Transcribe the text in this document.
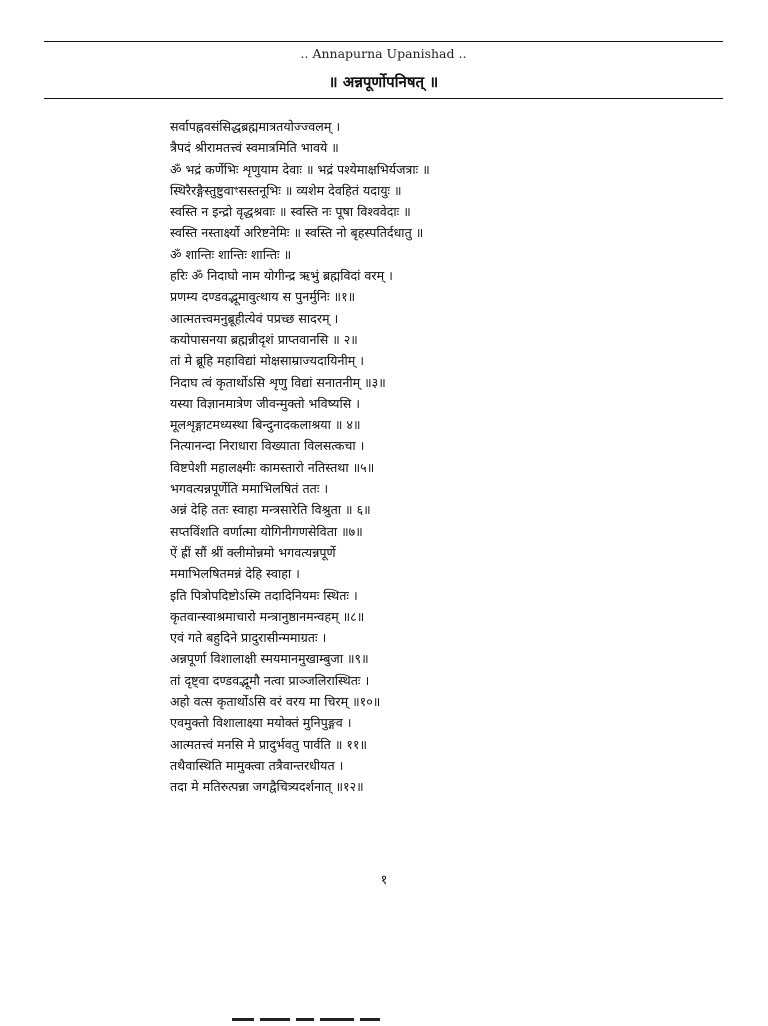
.. Annapurna Upanishad ..
॥ अन्नपूर्णोपनिषत् ॥
सर्वापह्नवसंसिद्धब्रह्ममात्रतयोज्ज्वलम् ।
त्रैपदं श्रीरामतत्त्वं स्वमात्रमिति भावये ॥
ॐ भद्रं कर्णेभिः शृणुयाम देवाः ॥ भद्रं पश्येमाक्षभिर्यजत्राः ॥
स्थिरैरङ्गैस्तुष्टुवाꣳसस्तनूभिः ॥ व्यशेम देवहितं यदायुः ॥
स्वस्ति न इन्द्रो वृद्धश्रवाः ॥ स्वस्ति नः पूषा विश्ववेदाः ॥
स्वस्ति नस्तार्क्ष्यो अरिष्टनेमिः ॥ स्वस्ति नो बृहस्पतिर्दधातु ॥
ॐ शान्तिः शान्तिः शान्तिः ॥
हरिः ॐ निदाघो नाम योगीन्द्र ऋभुं ब्रह्मविदां वरम् ।
प्रणम्य दण्डवद्भूमावुत्थाय स पुनर्मुनिः ॥१॥
आत्मतत्त्वमनुब्रूहीत्येवं पप्रच्छ सादरम् ।
कयोपासनया ब्रह्मन्नीदृशं प्राप्तवानसि ॥ २॥
तां मे ब्रूहि महाविद्यां मोक्षसाम्राज्यदायिनीम् ।
निदाघ त्वं कृतार्थोऽसि शृणु विद्यां सनातनीम् ॥३॥
यस्या विज्ञानमात्रेण जीवन्मुक्तो भविष्यसि ।
मूलशृङ्गाटमध्यस्था बिन्दुनादकलाश्रया ॥ ४॥
नित्यानन्दा निराधारा विख्याता विलसत्कचा ।
विष्टपेशी महालक्ष्मीः कामस्तारो नतिस्तथा ॥५॥
भगवत्यन्नपूर्णेति ममाभिलषितं ततः ।
अन्नं देहि ततः स्वाहा मन्त्रसारेति विश्रुता ॥ ६॥
सप्तविंशति वर्णात्मा योगिनीगणसेविता ॥७॥
ऐं ह्रीं सौं श्रीं क्लीमोन्नमो भगवत्यन्नपूर्णे
ममाभिलषितमन्नं देहि स्वाहा ।
इति पित्रोपदिष्टोऽस्मि तदादिनियमः स्थितः ।
कृतवान्स्वाश्रमाचारो मन्त्रानुष्ठानमन्वहम् ॥८॥
एवं गते बहुदिने प्रादुरासीन्ममाग्रतः ।
अन्नपूर्णा विशालाक्षी स्मयमानमुखाम्बुजा ॥९॥
तां दृष्ट्वा दण्डवद्भूमौ नत्वा प्राञ्जलिरास्थितः ।
अहो वत्स कृतार्थोऽसि वरं वरय मा चिरम् ॥१०॥
एवमुक्तो विशालाक्ष्या मयोक्तं मुनिपुङ्गव ।
आत्मतत्त्वं मनसि मे प्रादुर्भवतु पार्वति ॥ ११॥
तथैवास्थिति मामुक्त्वा तत्रैवान्तरधीयत ।
तदा मे मतिरुत्पन्ना जगद्वैचित्र्यदर्शनात् ॥१२॥
१
